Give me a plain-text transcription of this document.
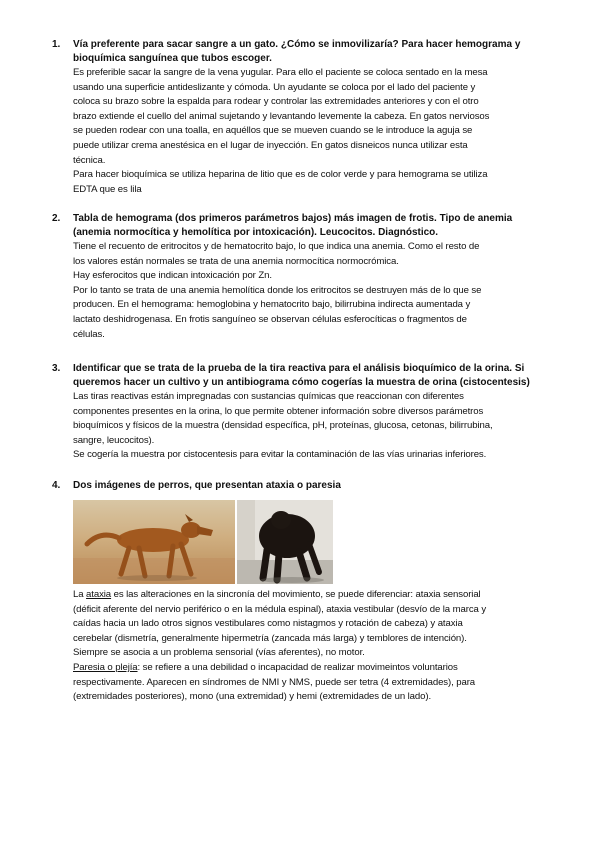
1. Vía preferente para sacar sangre a un gato. ¿Cómo se inmovilizaría? Para hacer hemograma y

bioquímica sanguínea que tubos escoger.

Es preferible sacar la sangre de la vena yugular. Para ello el paciente se coloca sentado en la mesa

usando una superficie antideslizante y cómoda. Un ayudante se coloca por el lado del paciente y

coloca su brazo sobre la espalda para rodear y controlar las extremidades anteriores y con el otro

brazo extiende el cuello del animal sujetando y levantando levemente la cabeza. En gatos nerviosos

se pueden rodear con una toalla, en aquéllos que se mueven cuando se le introduce la aguja se

puede utilizar crema anestésica en el lugar de inyección. En gatos disneicos nunca utilizar esta

técnica.

Para hacer bioquímica se utiliza heparina de litio que es de color verde y para hemograma se utiliza

EDTA que es lila

2. Tabla de hemograma (dos primeros parámetros bajos) más imagen de frotis. Tipo de anemia

(anemia normocítica y hemolítica por intoxicación). Leucocitos. Diagnóstico.

Tiene el recuento de eritrocitos y de hematocrito bajo, lo que indica una anemia. Como el resto de

los valores están normales se trata de una anemia normocítica normocrómica.

Hay esferocitos que indican intoxicación por Zn.

Por lo tanto se trata de una anemia hemolítica donde los eritrocitos se destruyen más de lo que se

producen. En el hemograma: hemoglobina y hematocrito bajo, bilirrubina indirecta aumentada y

lactato deshidrogenasa. En frotis sanguíneo se observan células esferocíticas o fragmentos de

células.

3. Identificar que se trata de la prueba de la tira reactiva para el análisis bioquímico de la orina. Si

queremos hacer un cultivo y un antibiograma cómo cogerías la muestra de orina (cistocentesis)

Las tiras reactivas están impregnadas con sustancias químicas que reaccionan con diferentes

componentes presentes en la orina, lo que permite obtener información sobre diversos parámetros

bioquímicos y físicos de la muestra (densidad específica, pH, proteínas, glucosa, cetonas, bilirrubina,

sangre, leucocitos).

Se cogería la muestra por cistocentesis para evitar la contaminación de las vías urinarias inferiores.

4. Dos imágenes de perros, que presentan ataxia o paresia

La ataxia es las alteraciones en la sincronía del movimiento, se puede diferenciar: ataxia sensorial

(déficit aferente del nervio periférico o en la médula espinal), ataxia vestibular (desvío de la marca y

caídas hacia un lado otros signos vestibulares como nistagmos y rotación de cabeza) y ataxia

cerebelar (dismetría, generalmente hipermetría (zancada más larga) y temblores de intención).

Siempre se asocia a un problema sensorial (vías aferentes), no motor.

Paresia o plejía: se refiere a una debilidad o incapacidad de realizar movimeintos voluntarios

respectivamente. Aparecen en síndromes de NMI y NMS, puede ser tetra (4 extremidades), para

(extremidades posteriores), mono (una extremidad) y hemi (extremidades de un lado).
